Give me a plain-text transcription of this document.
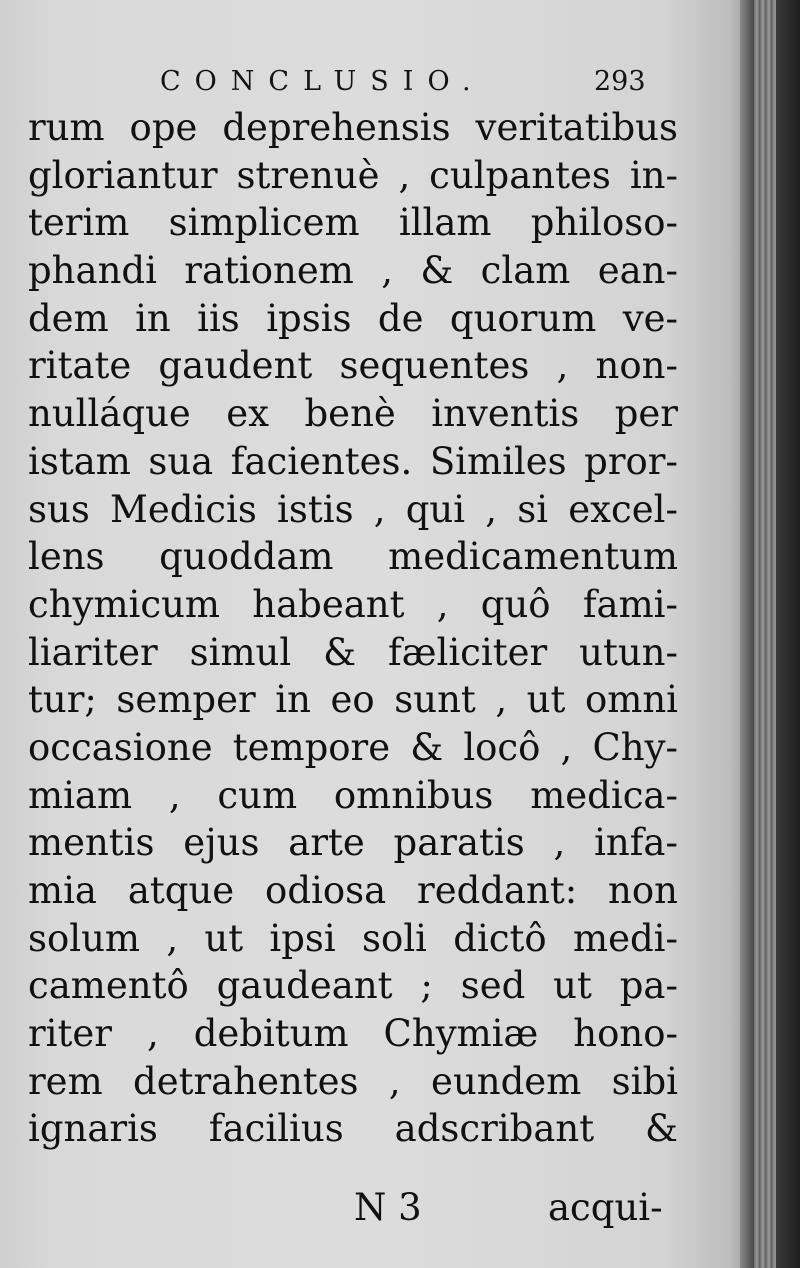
CONCLUSIO.	293
rum ope deprehensis veritatibus
gloriantur strenuè , culpantes in-
terim simplicem illam philoso-
phandi rationem , & clam ean-
dem in iis ipsis de quorum ve-
ritate gaudent sequentes , non-
nulláque ex benè inventis per
istam sua facientes. Similes pror-
sus Medicis istis , qui , si excel-
lens quoddam medicamentum
chymicum habeant , quô fami-
liariter simul & fæliciter utun-
tur; semper in eo sunt , ut omni
occasione tempore & locô , Chy-
miam , cum omnibus medica-
mentis ejus arte paratis , infa-
mia atque odiosa reddant: non
solum , ut ipsi soli dictô medi-
camentô gaudeant ; sed ut pa-
riter , debitum Chymiæ hono-
rem detrahentes , eundem sibi
ignaris facilius adscribant &
N 3	acqui-
